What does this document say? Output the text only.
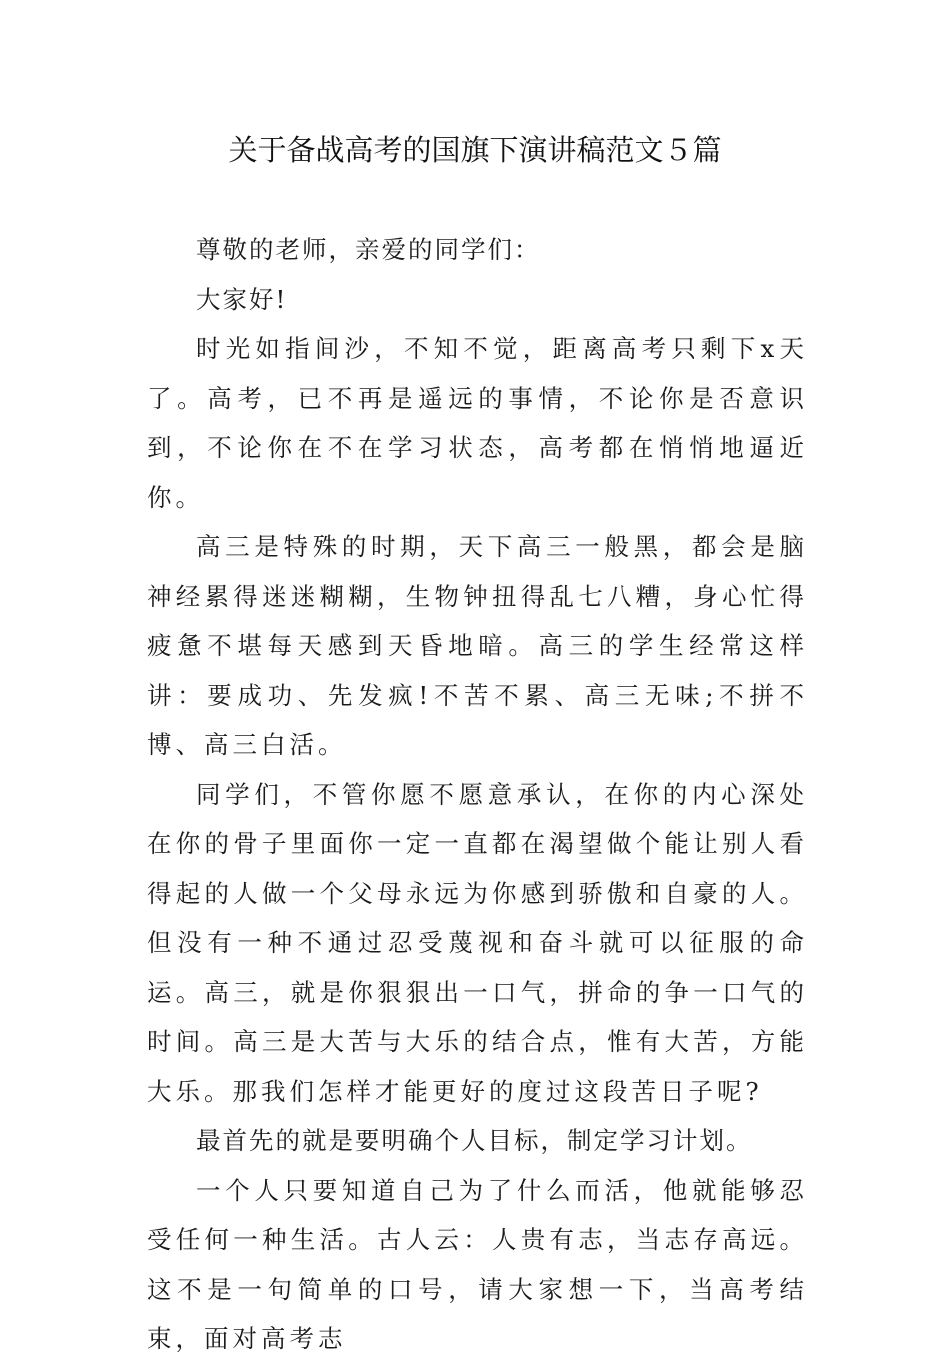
关于备战高考的国旗下演讲稿范文５篇

尊敬的老师，亲爱的同学们：

大家好!

时光如指间沙，不知不觉，距离高考只剩下x天了。高考，已不再是遥远的事情，不论你是否意识到，不论你在不在学习状态，高考都在悄悄地逼近你。

高三是特殊的时期，天下高三一般黑，都会是脑神经累得迷迷糊糊，生物钟扭得乱七八糟，身心忙得疲惫不堪每天感到天昏地暗。高三的学生经常这样讲：要成功、先发疯!不苦不累、高三无味;不拼不博、高三白活。

同学们，不管你愿不愿意承认，在你的内心深处在你的骨子里面你一定一直都在渴望做个能让别人看得起的人做一个父母永远为你感到骄傲和自豪的人。但没有一种不通过忍受蔑视和奋斗就可以征服的命运。高三，就是你狠狠出一口气，拼命的争一口气的时间。高三是大苦与大乐的结合点，惟有大苦，方能大乐。那我们怎样才能更好的度过这段苦日子呢?

最首先的就是要明确个人目标，制定学习计划。

一个人只要知道自己为了什么而活，他就能够忍受任何一种生活。古人云：人贵有志，当志存高远。这不是一句简单的口号，请大家想一下，当高考结束，面对高考志
